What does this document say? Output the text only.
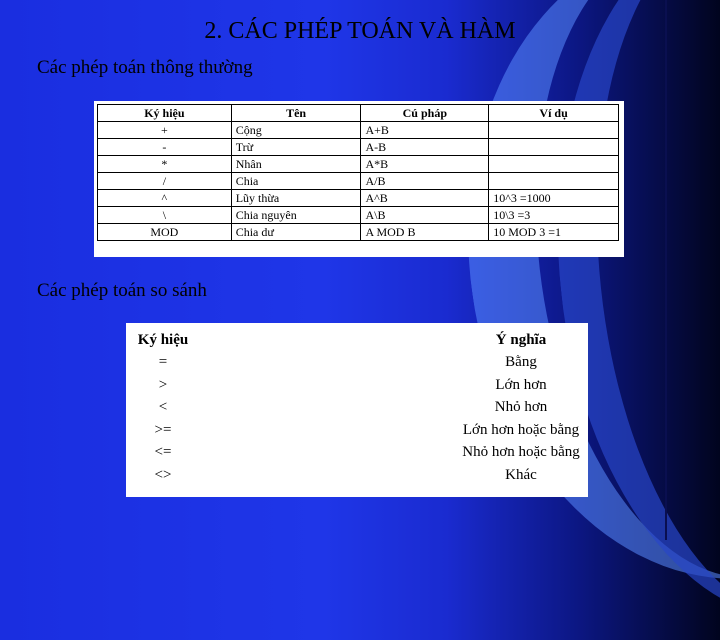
2. CÁC PHÉP TOÁN VÀ HÀM
Các phép toán thông thường
Ký hiệu	Tên	Cú pháp	Ví dụ
+	Cộng	A+B	
-	Trừ	A-B	
*	Nhân	A*B	
/	Chia	A/B	
^	Lũy thừa	A^B	10^3 =1000
\	Chia nguyên	A\B	10\3 =3
MOD	Chia dư	A MOD B	10 MOD 3 =1
Các phép toán so sánh
Ký hiệu	Ý nghĩa
=	Bằng
>	Lớn hơn
<	Nhỏ hơn
>=	Lớn hơn hoặc bằng
<=	Nhỏ hơn hoặc bằng
<>	Khác
